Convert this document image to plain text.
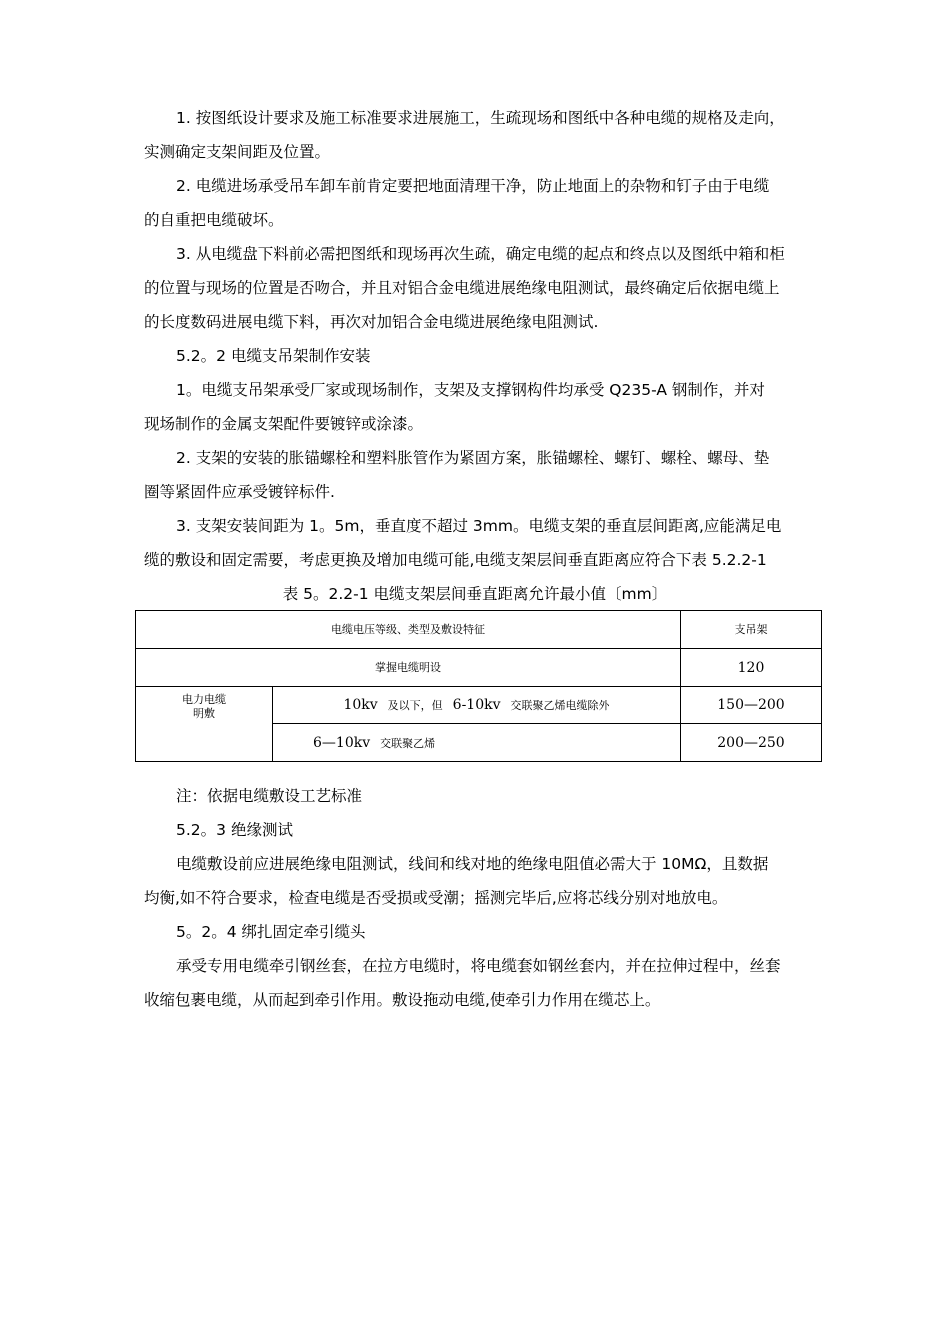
1. 按图纸设计要求及施工标准要求进展施工，生疏现场和图纸中各种电缆的规格及走向，
实测确定支架间距及位置。
2. 电缆进场承受吊车卸车前肯定要把地面清理干净，防止地面上的杂物和钉子由于电缆
的自重把电缆破坏。
3. 从电缆盘下料前必需把图纸和现场再次生疏，确定电缆的起点和终点以及图纸中箱和柜
的位置与现场的位置是否吻合，并且对铝合金电缆进展绝缘电阻测试，最终确定后依据电缆上
的长度数码进展电缆下料，再次对加铝合金电缆进展绝缘电阻测试.
5.2。2 电缆支吊架制作安装
1。电缆支吊架承受厂家或现场制作，支架及支撑钢构件均承受 Q235-A 钢制作，并对
现场制作的金属支架配件要镀锌或涂漆。
2. 支架的安装的胀锚螺栓和塑料胀管作为紧固方案，胀锚螺栓、螺钉、螺栓、螺母、垫
圈等紧固件应承受镀锌标件.
3. 支架安装间距为 1。5m，垂直度不超过 3mm。电缆支架的垂直层间距离,应能满足电
缆的敷设和固定需要，考虑更换及增加电缆可能,电缆支架层间垂直距离应符合下表 5.2.2-1
表 5。2.2-1 电缆支架层间垂直距离允许最小值〔mm〕
电缆电压等级、类型及敷设特征		支吊架
掌握电缆明设		120

电力电缆
明敷	10kv 及以下，但 6-10kv 交联聚乙烯电缆除外	150—200
	6—10kv 交联聚乙烯	200—250
注：依据电缆敷设工艺标准
5.2。3 绝缘测试
电缆敷设前应进展绝缘电阻测试，线间和线对地的绝缘电阻值必需大于 10MΩ，且数据
均衡,如不符合要求，检查电缆是否受损或受潮；摇测完毕后,应将芯线分别对地放电。
5。2。4 绑扎固定牵引缆头
承受专用电缆牵引钢丝套，在拉方电缆时，将电缆套如钢丝套内，并在拉伸过程中，丝套
收缩包裹电缆，从而起到牵引作用。敷设拖动电缆,使牵引力作用在缆芯上。
